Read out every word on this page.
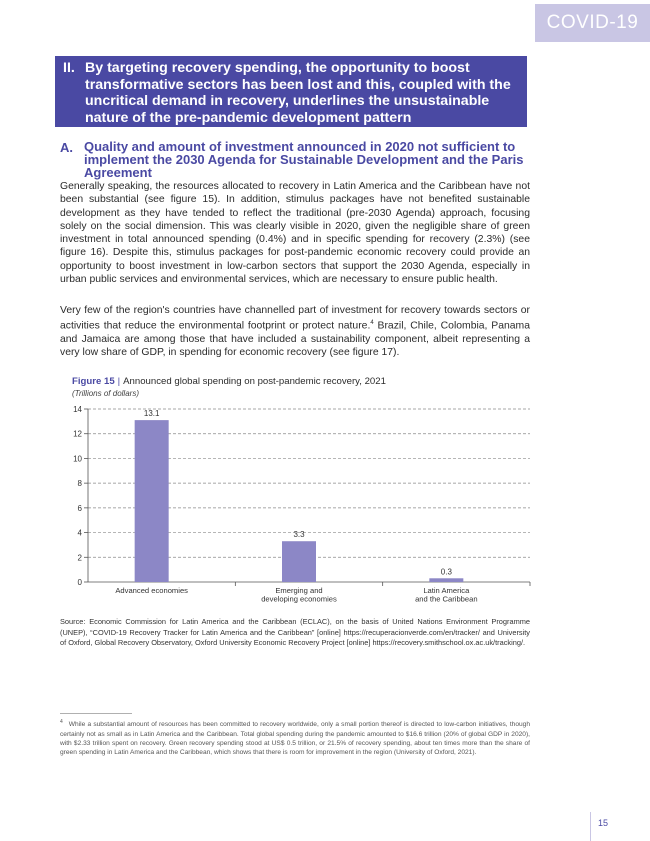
COVID-19
II. By targeting recovery spending, the opportunity to boost transformative sectors has been lost and this, coupled with the uncritical demand in recovery, underlines the unsustainable nature of the pre-pandemic development pattern
A. Quality and amount of investment announced in 2020 not sufficient to implement the 2030 Agenda for Sustainable Development and the Paris Agreement

Generally speaking, the resources allocated to recovery in Latin America and the Caribbean have not been substantial (see figure 15). In addition, stimulus packages have not benefited sustainable development as they have tended to reflect the traditional (pre-2030 Agenda) approach, focusing solely on the social dimension. This was clearly visible in 2020, given the negligible share of green investment in total announced spending (0.4%) and in specific spending for recovery (2.3%) (see figure 16). Despite this, stimulus packages for post-pandemic economic recovery could provide an opportunity to boost investment in low-carbon sectors that support the 2030 Agenda, especially in urban public services and environmental services, which are necessary to ensure public health.

Very few of the region's countries have channelled part of investment for recovery towards sectors or activities that reduce the environmental footprint or protect nature.$^4$ Brazil, Chile, Colombia, Panama and Jamaica are among those that have included a sustainability component, albeit representing a very low share of GDP, in spending for economic recovery (see figure 17).

Figure 15 | Announced global spending on post-pandemic recovery, 2021
(Trillions of dollars)
0
2
4
6
8
10
12
14	13.1
Advanced economies
3.3
Emerging and
developing economies
0.3
Latin America
and the Caribbean
Source: Economic Commission for Latin America and the Caribbean (ECLAC), on the basis of United Nations Environment Programme (UNEP), “COVID-19 Recovery Tracker for Latin America and the Caribbean” [online] https://recuperacionverde.com/en/tracker/ and University of Oxford, Global Recovery Observatory, Oxford University Economic Recovery Project [online] https://recovery.smithschool.ox.ac.uk/tracking/.
$^4$ While a substantial amount of resources has been committed to recovery worldwide, only a small portion thereof is directed to low-carbon initiatives, though certainly not as small as in Latin America and the Caribbean. Total global spending during the pandemic amounted to $16.6 trillion (20% of global GDP in 2020), with $2.33 trillion spent on recovery. Green recovery spending stood at US$ 0.5 trillion, or 21.5% of recovery spending, about ten times more than the share of green spending in Latin America and the Caribbean, which shows that there is room for improvement in the region (University of Oxford, 2021).
15
